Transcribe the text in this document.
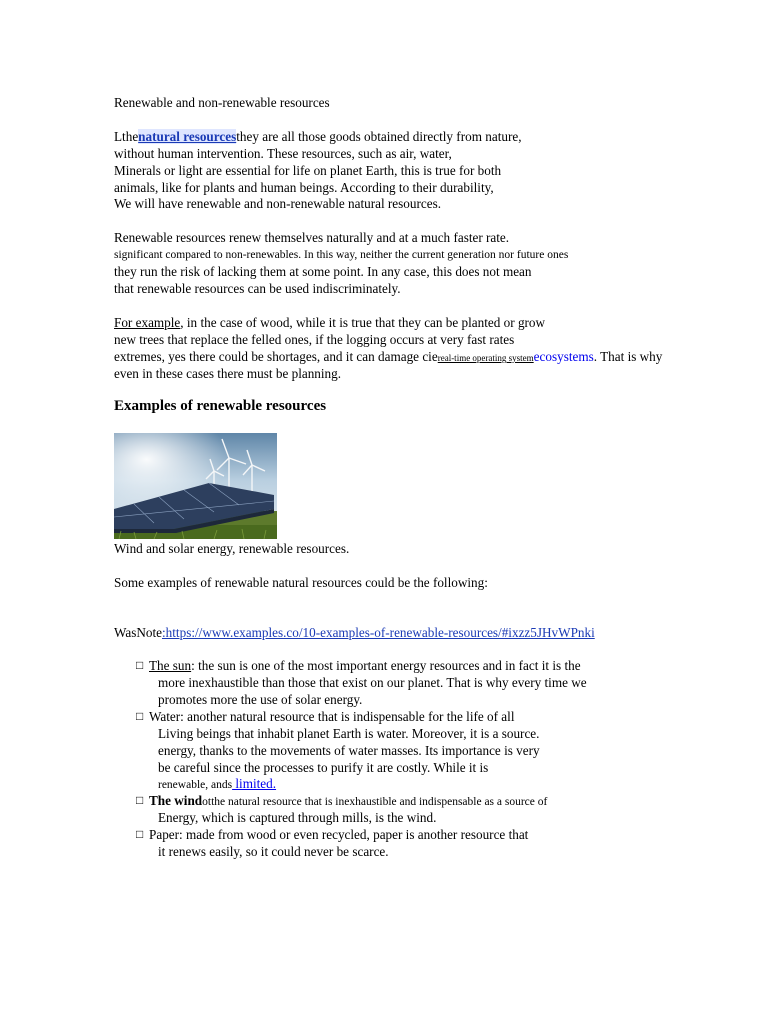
Renewable and non-renewable resources
Lthenatural resourcesthey are all those goods obtained directly from nature,
without human intervention. These resources, such as air, water,
Minerals or light are essential for life on planet Earth, this is true for both
animals, like for plants and human beings. According to their durability,
We will have renewable and non-renewable natural resources.
Renewable resources renew themselves naturally and at a much faster rate.
significant compared to non-renewables. In this way, neither the current generation nor future ones
they run the risk of lacking them at some point. In any case, this does not mean
that renewable resources can be used indiscriminately.
For example, in the case of wood, while it is true that they can be planted or grow
new trees that replace the felled ones, if the logging occurs at very fast rates
extremes, yes there could be shortages, and it can damage ciereal-time operating systemecosystems. That is why
even in these cases there must be planning.
Examples of renewable resources
Wind and solar energy, renewable resources.
Some examples of renewable natural resources could be the following:
WasNote:https://www.examples.co/10-examples-of-renewable-resources/#ixzz5JHvWPnki
□ The sun: the sun is one of the most important energy resources and in fact it is the
more inexhaustible than those that exist on our planet. That is why every time we
promotes more the use of solar energy.
□ Water: another natural resource that is indispensable for the life of all
Living beings that inhabit planet Earth is water. Moreover, it is a source.
energy, thanks to the movements of water masses. Its importance is very
be careful since the processes to purify it are costly. While it is
renewable, ands limited.
□ The windotthe natural resource that is inexhaustible and indispensable as a source of
Energy, which is captured through mills, is the wind.
□ Paper: made from wood or even recycled, paper is another resource that
it renews easily, so it could never be scarce.
